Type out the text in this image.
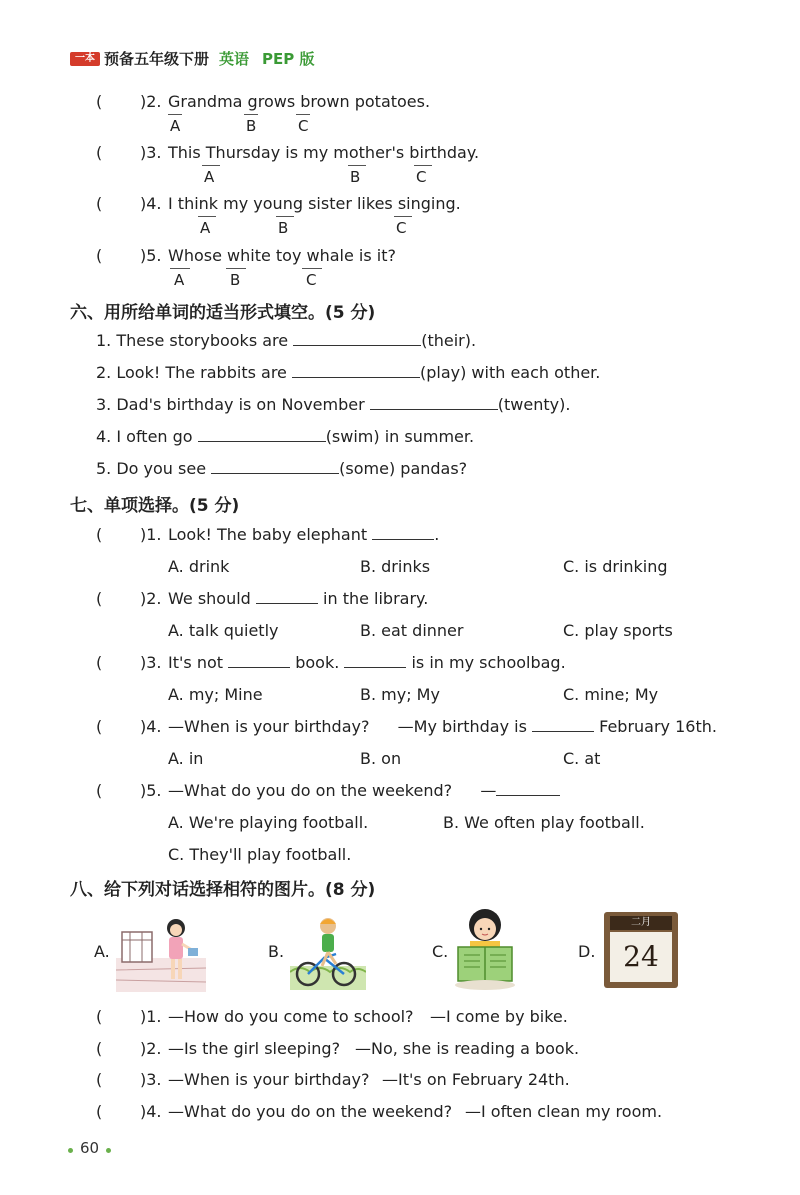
一本 预备五年级下册 英语 PEP 版
( )2. Grandma grows brown potatoes.
A	B	C
( )3. This Thursday is my mother's birthday.
A	B	C
( )4. I think my young sister likes singing.
A	B	C
( )5. Whose white toy whale is it?
A	B	C
六、用所给单词的适当形式填空。(5 分)
1. These storybooks are	(their).
2. Look! The rabbits are	(play) with each other.
3. Dad's birthday is on November	(twenty).
4. I often go	(swim) in summer.
5. Do you see	(some) pandas?
七、单项选择。(5 分)
( )1. Look! The baby elephant	.
A. drink	B. drinks	C. is drinking
( )2. We should	in the library.
A. talk quietly	B. eat dinner	C. play sports
( )3. It's not	book.	is in my schoolbag.
A. my; Mine	B. my; My	C. mine; My
( )4. —When is your birthday? —My birthday is	February 16th.
A. in	B. on	C. at
( )5. —What do you do on the weekend? —
A. We're playing football.	B. We often play football.
C. They'll play football.
八、给下列对话选择相符的图片。(8 分)
A.	B.	C.	D.
二月
24
( )1. —How do you come to school? —I come by bike.
( )2. —Is the girl sleeping? —No, she is reading a book.
( )3. —When is your birthday? —It's on February 24th.
( )4. —What do you do on the weekend? —I often clean my room.
60
